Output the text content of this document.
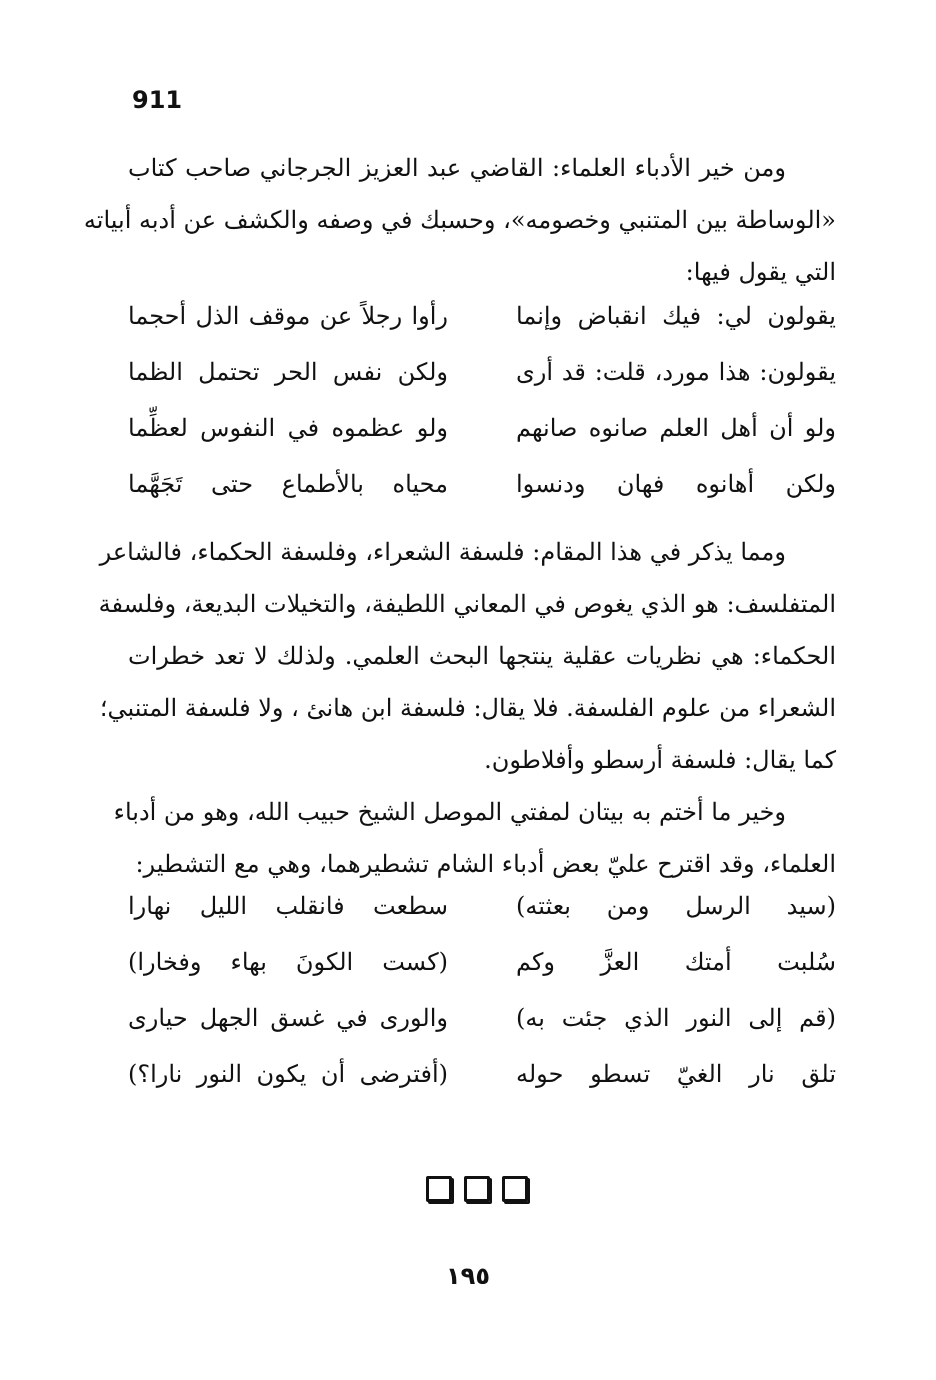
911
ومن خير الأدباء العلماء: القاضي عبد العزيز الجرجاني صاحب كتاب
«الوساطة بين المتنبي وخصومه»، وحسبك في وصفه والكشف عن أدبه أبياته
التي يقول فيها:
يقولون لي: فيك انقباض وإنما
رأوا رجلاً عن موقف الذل أحجما
يقولون: هذا مورد، قلت: قد أرى
ولكن نفس الحر تحتمل الظما
ولو أن أهل العلم صانوه صانهم
ولو عظموه في النفوس لعظِّما
ولكن أهانوه فهان ودنسوا
محياه بالأطماع حتى تَجَهَّما
ومما يذكر في هذا المقام: فلسفة الشعراء، وفلسفة الحكماء، فالشاعر
المتفلسف: هو الذي يغوص في المعاني اللطيفة، والتخيلات البديعة، وفلسفة
الحكماء: هي نظريات عقلية ينتجها البحث العلمي. ولذلك لا تعد خطرات
الشعراء من علوم الفلسفة. فلا يقال: فلسفة ابن هانئ ، ولا فلسفة المتنبي؛
كما يقال: فلسفة أرسطو وأفلاطون.
وخير ما أختم به بيتان لمفتي الموصل الشيخ حبيب الله، وهو من أدباء
العلماء، وقد اقترح عليّ بعض أدباء الشام تشطيرهما، وهي مع التشطير:
(سيد الرسل ومن بعثته)
سطعت فانقلب الليل نهارا
سُلبت أمتك العزَّ وكم
(كست الكونَ بهاء وفخارا)
(قم إلى النور الذي جئت به)
والورى في غسق الجهل حيارى
تلق نار الغيّ تسطو حوله
(أفترضى أن يكون النور نارا؟)
١٩٥
